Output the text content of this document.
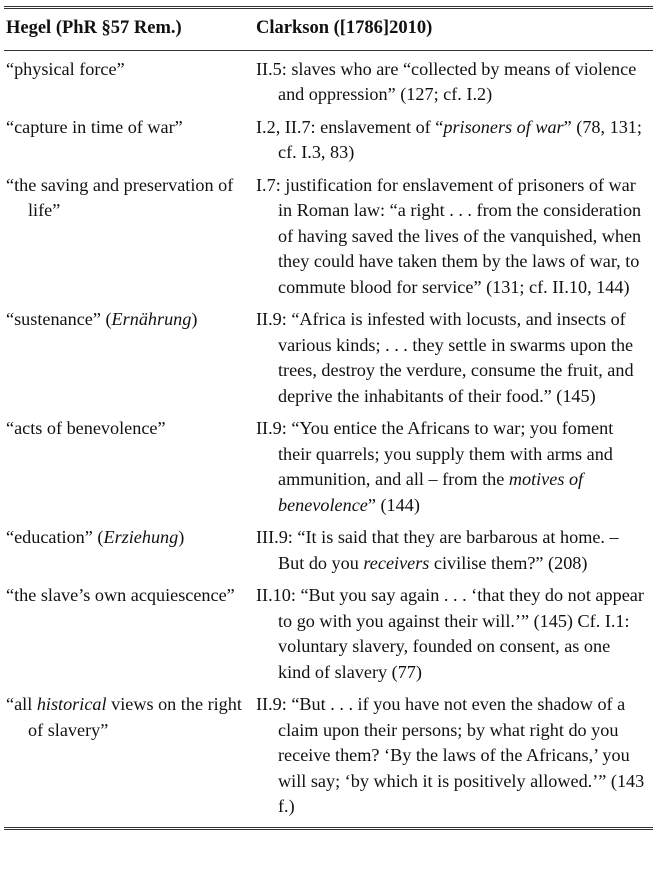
Hegel (PhR §57 Rem.)	Clarkson ([1786]2010)

“physical force”	II.5: slaves who are “collected by means of violence and oppression” (127; cf. I.2)

“capture in time of war”	I.2, II.7: enslavement of “prisoners of war” (78, 131; cf. I.3, 83)

“the saving and preservation of life”	I.7: justification for enslavement of prisoners of war in Roman law: “a right . . . from the consideration of having saved the lives of the vanquished, when they could have taken them by the laws of war, to commute blood for service” (131; cf. II.10, 144)

“sustenance” (Ernährung)	II.9: “Africa is infested with locusts, and insects of various kinds; . . . they settle in swarms upon the trees, destroy the verdure, consume the fruit, and deprive the inhabitants of their food.” (145)

“acts of benevolence”	II.9: “You entice the Africans to war; you foment their quarrels; you supply them with arms and ammunition, and all – from the motives of benevolence” (144)

“education” (Erziehung)	III.9: “It is said that they are barbarous at home. – But do you receivers civilise them?” (208)

“the slave’s own acquiescence”	II.10: “But you say again . . . ‘that they do not appear to go with you against their will.’” (145) Cf. I.1: voluntary slavery, founded on consent, as one kind of slavery (77)

“all historical views on the right of slavery”	II.9: “But . . . if you have not even the shadow of a claim upon their persons; by what right do you receive them? ‘By the laws of the Africans,’ you will say; ‘by which it is positively allowed.’” (143 f.)
